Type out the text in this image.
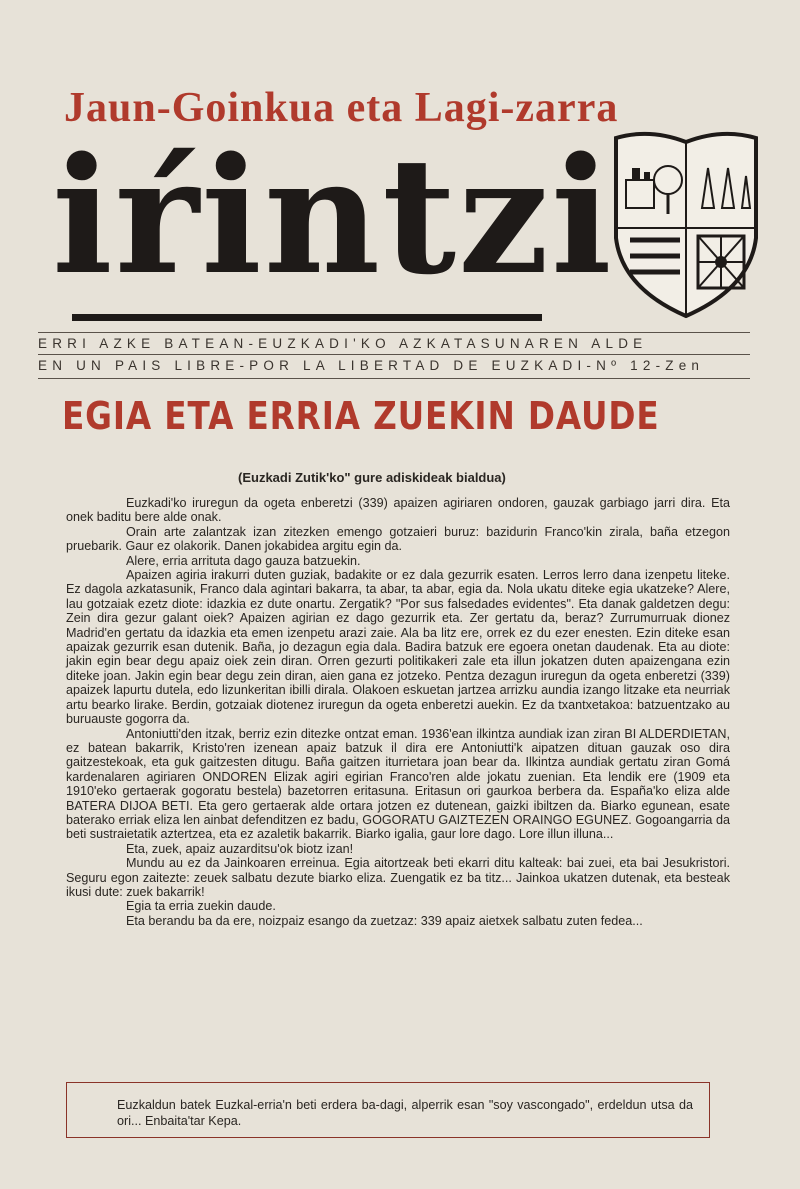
Jaun-Goinkua eta Lagi-zarra
iŕintzi
ERRI AZKE BATEAN-EUZKADI'KO AZKATASUNAREN ALDE
EN UN PAIS LIBRE-POR LA LIBERTAD DE EUZKADI-Nº 12-Zen
EGIA ETA ERRIA ZUEKIN DAUDE
(Euzkadi Zutik'ko" gure adiskideak bialdua)

Euzkadi'ko iruregun da ogeta enberetzi (339) apaizen agiriaren ondoren, gauzak garbiago jarri dira. Eta onek baditu bere alde onak.

Orain arte zalantzak izan zitezken emengo gotzaieri buruz: bazidurin Franco'kin zirala, baña etzegon pruebarik. Gaur ez olakorik. Danen jokabidea argitu egin da.

Alere, erria arrituta dago gauza batzuekin.

Apaizen agiria irakurri duten guziak, badakite or ez dala gezurrik esaten. Lerros lerro dana izenpetu liteke. Ez dagola azkatasunik, Franco dala agintari bakarra, ta abar, ta abar, egia da. Nola ukatu diteke egia ukatzeke? Alere, lau gotzaiak ezetz diote: idazkia ez dute onartu. Zergatik? "Por sus falsedades evidentes". Eta danak galdetzen degu: Zein dira gezur galant oiek? Apaizen agirian ez dago gezurrik eta. Zer gertatu da, beraz? Zurrumurruak dionez Madrid'en gertatu da idazkia eta emen izenpetu arazi zaie. Ala ba litz ere, orrek ez du ezer enesten. Ezin diteke esan apaizak gezurrik esan dutenik. Baña, jo dezagun egia dala. Badira batzuk ere egoera onetan daudenak. Eta au diote: jakin egin bear degu apaiz oiek zein diran. Orren gezurti politikakeri zale eta illun jokatzen duten apaizengana ezin diteke joan. Jakin egin bear degu zein diran, aien gana ez jotzeko. Pentza dezagun iruregun da ogeta enberetzi (339) apaizek lapurtu dutela, edo lizunkeritan ibilli dirala. Olakoen eskuetan jartzea arrizku aundia izango litzake eta neurriak artu bearko lirake. Berdin, gotzaiak diotenez iruregun da ogeta enberetzi auekin. Ez da txantxetakoa: batzuentzako au buruauste gogorra da.

Antoniutti'den itzak, berriz ezin ditezke ontzat eman. 1936'ean ilkintza aundiak izan ziran BI ALDERDIETAN, ez batean bakarrik, Kristo'ren izenean apaiz batzuk il dira ere Antoniutti'k aipatzen dituan gauzak oso dira gaitzestekoak, eta guk gaitzesten ditugu. Baña gaitzen iturrietara joan bear da. Ilkintza aundiak gertatu ziran Gomá kardenalaren agiriaren ONDOREN Elizak agiri egirian Franco'ren alde jokatu zuenian. Eta lendik ere (1909 eta 1910'eko gertaerak gogoratu bestela) bazetorren eritasuna. Eritasun ori gaurkoa berbera da. España'ko eliza alde BATERA DIJOA BETI. Eta gero gertaerak alde ortara jotzen ez dutenean, gaizki ibiltzen da. Biarko egunean, esate baterako erriak eliza len ainbat defenditzen ez badu, GOGORATU GAIZTEZEN ORAINGO EGUNEZ. Gogoangarria da beti sustraietatik aztertzea, eta ez azaletik bakarrik. Biarko igalia, gaur lore dago. Lore illun illuna...

Eta, zuek, apaiz auzarditsu'ok biotz izan!

Mundu au ez da Jainkoaren erreinua. Egia aitortzeak beti ekarri ditu kalteak: bai zuei, eta bai Jesukristori. Seguru egon zaitezte: zeuek salbatu dezute biarko eliza. Zuengatik ez ba titz... Jainkoa ukatzen dutenak, eta besteak ikusi dute: zuek bakarrik!

Egia ta erria zuekin daude.

Eta berandu ba da ere, noizpaiz esango da zuetzaz: 339 apaiz aietxek salbatu zuten fedea...

Euzkaldun batek Euzkal-erria'n beti erdera ba-dagi, alperrik esan "soy vascongado", erdeldun utsa da ori... Enbaita'tar Kepa.
